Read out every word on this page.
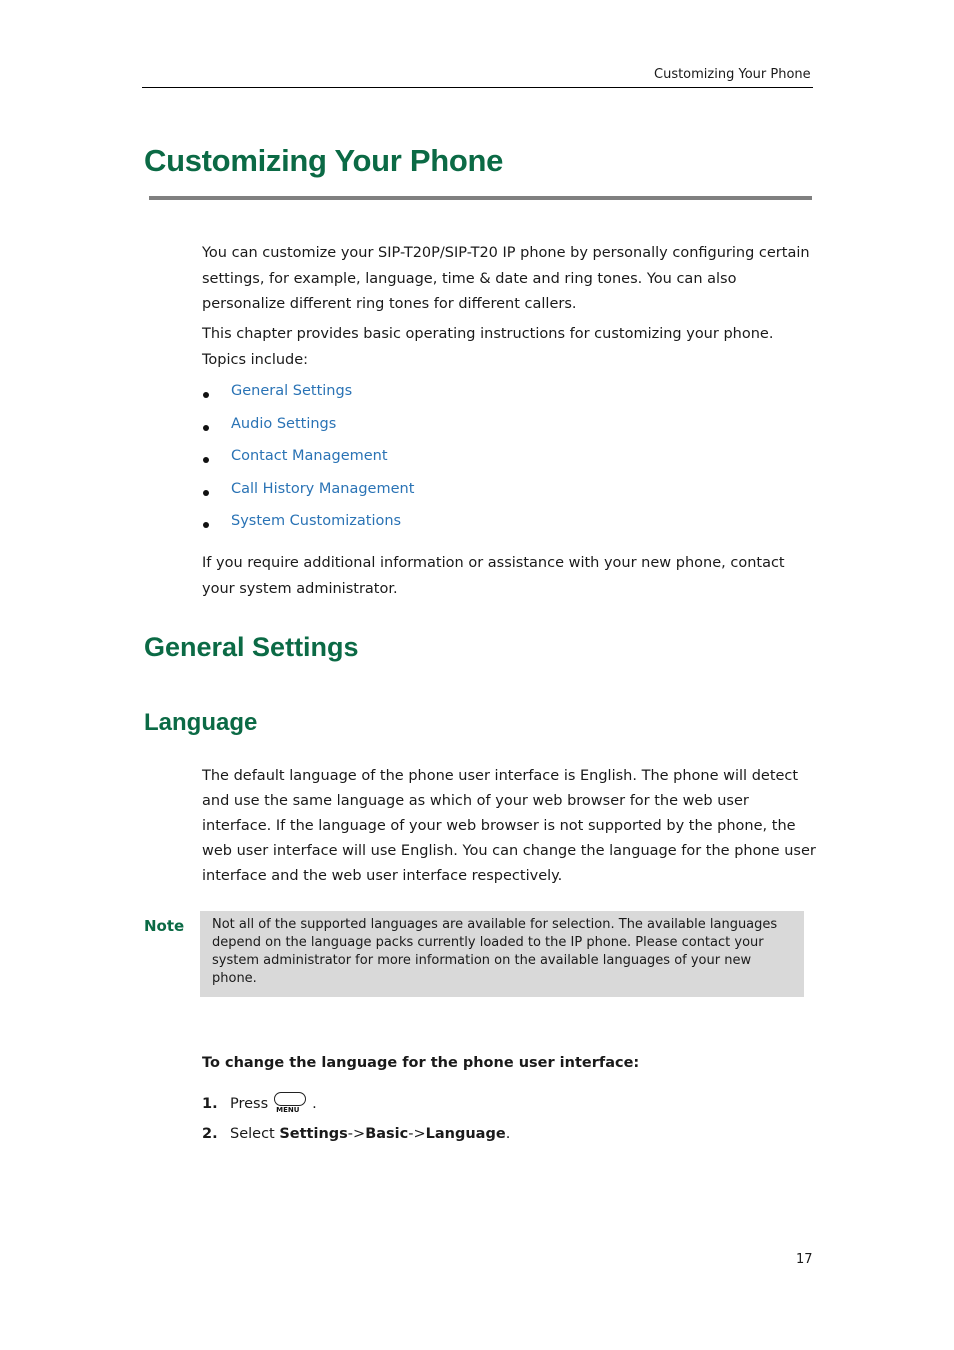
Customizing Your Phone
Customizing Your Phone
You can customize your SIP-T20P/SIP-T20 IP phone by personally configuring certain settings, for example, language, time & date and ring tones. You can also personalize different ring tones for different callers.
This chapter provides basic operating instructions for customizing your phone. Topics include:
General Settings
Audio Settings
Contact Management
Call History Management
System Customizations
If you require additional information or assistance with your new phone, contact your system administrator.
General Settings
Language
The default language of the phone user interface is English. The phone will detect and use the same language as which of your web browser for the web user interface. If the language of your web browser is not supported by the phone, the web user interface will use English. You can change the language for the phone user interface and the web user interface respectively.
Note Not all of the supported languages are available for selection. The available languages depend on the language packs currently loaded to the IP phone. Please contact your system administrator for more information on the available languages of your new phone.
To change the language for the phone user interface:
1. Press MENU .
2. Select Settings -> Basic -> Language .
17
